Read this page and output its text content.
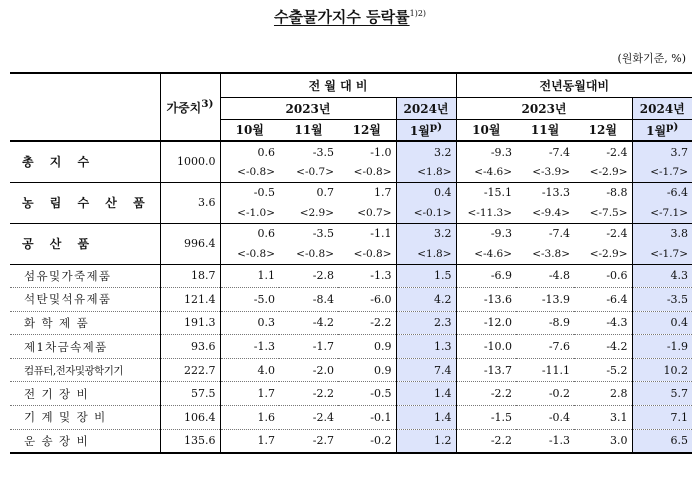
수출물가지수 등락률$^{1)2)}$
(원화기준, %)
	가중치$^{3)}$	전 월 대 비				전년동월대비			
		2023년			2024년	2023년			2024년
		10월	11월	12월	1월$^{p)}$	10월	11월	12월	1월$^{p)}$
총 지 수	1000.0	0.6	-3.5	-1.0	3.2	-9.3	-7.4	-2.4	3.7
		<-0.8>	<-0.7>	<-0.8>	<1.8>	<-4.6>	<-3.9>	<-2.9>	<-1.7>
농 림 수 산 품	3.6	-0.5	0.7	1.7	0.4	-15.1	-13.3	-8.8	-6.4
		<-1.0>	<2.9>	<0.7>	<-0.1>	<-11.3>	<-9.4>	<-7.5>	<-7.1>
공 산 품	996.4	0.6	-3.5	-1.1	3.2	-9.3	-7.4	-2.4	3.8
		<-0.8>	<-0.8>	<-0.8>	<1.8>	<-4.6>	<-3.8>	<-2.9>	<-1.7>
섬유및가죽제품	18.7	1.1	-2.8	-1.3	1.5	-6.9	-4.8	-0.6	4.3
석탄및석유제품	121.4	-5.0	-8.4	-6.0	4.2	-13.6	-13.9	-6.4	-3.5
화 학 제 품	191.3	0.3	-4.2	-2.2	2.3	-12.0	-8.9	-4.3	0.4
제1차금속제품	93.6	-1.3	-1.7	0.9	1.3	-10.0	-7.6	-4.2	-1.9
컴퓨터,전자및광학기기	222.7	4.0	-2.0	0.9	7.4	-13.7	-11.1	-5.2	10.2
전 기 장 비	57.5	1.7	-2.2	-0.5	1.4	-2.2	-0.2	2.8	5.7
기 계 및 장 비	106.4	1.6	-2.4	-0.1	1.4	-1.5	-0.4	3.1	7.1
운 송 장 비	135.6	1.7	-2.7	-0.2	1.2	-2.2	-1.3	3.0	6.5
